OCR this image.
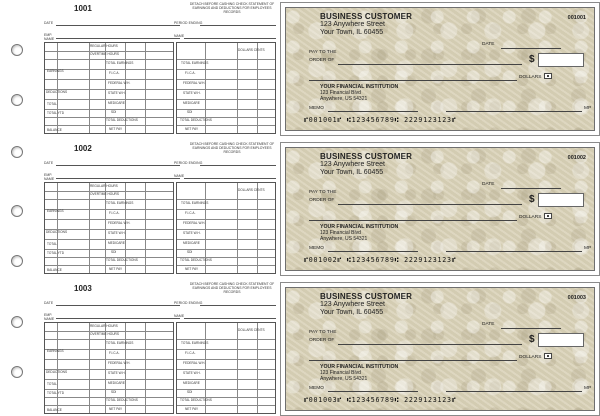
1001
DATE
EMP. NAME
DETACH BEFORE CASHING CHECK STATEMENT OF EARNINGS AND DEDUCTIONS FOR EMPLOYEES RECORDS
PERIOD ENDING
NAME
REGULAR HOURS
OVERTIME HOURS
TOTAL EARNINGS
F.I.C.A.
FEDERAL W.H.
STATE W.H.
MEDICARE
SDI
TOTAL DEDUCTIONS
NET PAY
EARNINGS
DEDUCTIONS
TOTAL
TOTAL YTD
BALANCE
TOTAL EARNINGS
F.I.C.A.
FEDERAL W.H.
STATE W.H.
MEDICARE
SDI
TOTAL DEDUCTIONS
NET PAY
DOLLARS CENTS
1002
DATE
EMP. NAME
DETACH BEFORE CASHING CHECK STATEMENT OF EARNINGS AND DEDUCTIONS FOR EMPLOYEES RECORDS
PERIOD ENDING
NAME
REGULAR HOURS
OVERTIME HOURS
TOTAL EARNINGS
F.I.C.A.
FEDERAL W.H.
STATE W.H.
MEDICARE
SDI
TOTAL DEDUCTIONS
NET PAY
EARNINGS
DEDUCTIONS
TOTAL
TOTAL YTD
BALANCE
TOTAL EARNINGS
F.I.C.A.
FEDERAL W.H.
STATE W.H.
MEDICARE
SDI
TOTAL DEDUCTIONS
NET PAY
DOLLARS CENTS
1003
DATE
EMP. NAME
DETACH BEFORE CASHING CHECK STATEMENT OF EARNINGS AND DEDUCTIONS FOR EMPLOYEES RECORDS
PERIOD ENDING
NAME
REGULAR HOURS
OVERTIME HOURS
TOTAL EARNINGS
F.I.C.A.
FEDERAL W.H.
STATE W.H.
MEDICARE
SDI
TOTAL DEDUCTIONS
NET PAY
EARNINGS
DEDUCTIONS
TOTAL
TOTAL YTD
BALANCE
TOTAL EARNINGS
F.I.C.A.
FEDERAL W.H.
STATE W.H.
MEDICARE
SDI
TOTAL DEDUCTIONS
NET PAY
DOLLARS CENTS
BUSINESS CUSTOMER
123 Anywhere Street
Your Town, IL 60455
001001
DATE
PAY TO THE
ORDER OF	$
DOLLARS
YOUR FINANCIAL INSTITUTION
123 Financial Blvd
Anywhere, US 54321
MEMO	MP
⑈001001⑈ ⑆123456789⑆ 2229123123⑈
BUSINESS CUSTOMER
123 Anywhere Street
Your Town, IL 60455
001002
DATE
PAY TO THE
ORDER OF	$
DOLLARS
YOUR FINANCIAL INSTITUTION
123 Financial Blvd
Anywhere, US 54321
MEMO	MP
⑈001002⑈ ⑆123456789⑆ 2229123123⑈
BUSINESS CUSTOMER
123 Anywhere Street
Your Town, IL 60455
001003
DATE
PAY TO THE
ORDER OF	$
DOLLARS
YOUR FINANCIAL INSTITUTION
123 Financial Blvd
Anywhere, US 54321
MEMO	MP
⑈001003⑈ ⑆123456789⑆ 2229123123⑈
